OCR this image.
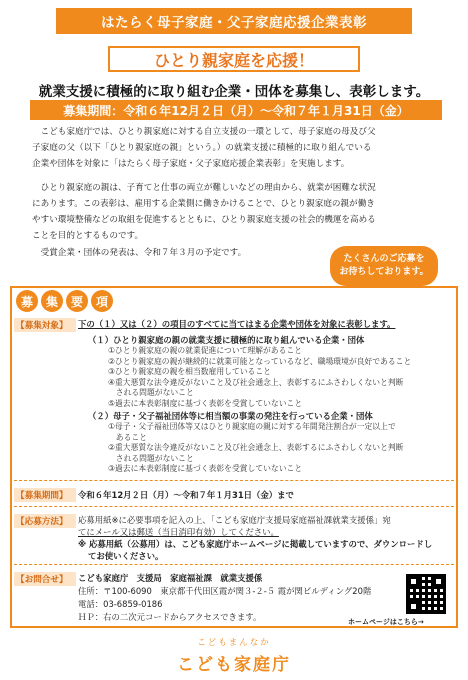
はたらく母子家庭・父子家庭応援企業表彰
ひとり親家庭を応援！
就業支援に積極的に取り組む企業・団体を募集し、表彰します。
募集期間：令和６年12月２日（月）～令和７年１月31日（金）
こども家庭庁では、ひとり親家庭に対する自立支援の一環として、母子家庭の母及び父
子家庭の父（以下「ひとり親家庭の親」という。）の就業支援に積極的に取り組んでいる
企業や団体を対象に「はたらく母子家庭・父子家庭応援企業表彰」を実施します。
ひとり親家庭の親は、子育てと仕事の両立が難しいなどの理由から、就業が困難な状況
にあります。この表彰は、雇用する企業側に働きかけることで、ひとり親家庭の親が働き
やすい環境整備などの取組を促進するとともに、ひとり親家庭支援の社会的機運を高める
ことを目的とするものです。
受賞企業・団体の発表は、令和７年３月の予定です。
たくさんのご応募を
お待ちしております。
募	集	要	項
【募集対象】	下の（１）又は（２）の項目のすべてに当てはまる企業や団体を対象に表彰します。
（１）ひとり親家庭の親の就業支援に積極的に取り組んでいる企業・団体
①ひとり親家庭の親の就業促進について理解があること
②ひとり親家庭の親が継続的に就業可能となっているなど、職場環境が良好であること
③ひとり親家庭の親を相当数雇用していること
④重大悪質な法令違反がないこと及び社会通念上、表彰するにふさわしくないと判断
　される問題がないこと
⑤過去に本表彰制度に基づく表彰を受賞していないこと
（２）母子・父子福祉団体等に相当額の事業の発注を行っている企業・団体
①母子・父子福祉団体等又はひとり親家庭の親に対する年間発注割合が一定以上で
　あること
②重大悪質な法令違反がないこと及び社会通念上、表彰するにふさわしくないと判断
　される問題がないこと
③過去に本表彰制度に基づく表彰を受賞していないこと
【募集期間】	令和６年12月２日（月）～令和７年１月31日（金）まで
【応募方法】	応募用紙※に必要事項を記入の上、「こども家庭庁支援局家庭福祉課就業支援係」宛
てにメール又は郵送（当日消印有効）してください。
※ 応募用紙（公募用）は、こども家庭庁ホームページに掲載していますので、ダウンロードし
てお使いください。
【お問合せ】	こども家庭庁　支援局　家庭福祉課　就業支援係
住所：〒100-6090　東京都千代田区霞が関３-２-５ 霞が関ビルディング20階
電話：03-6859-0186
ＨＰ：右の二次元コードからアクセスできます。	ホームページはこちら→
こどもまんなか
こども家庭庁
